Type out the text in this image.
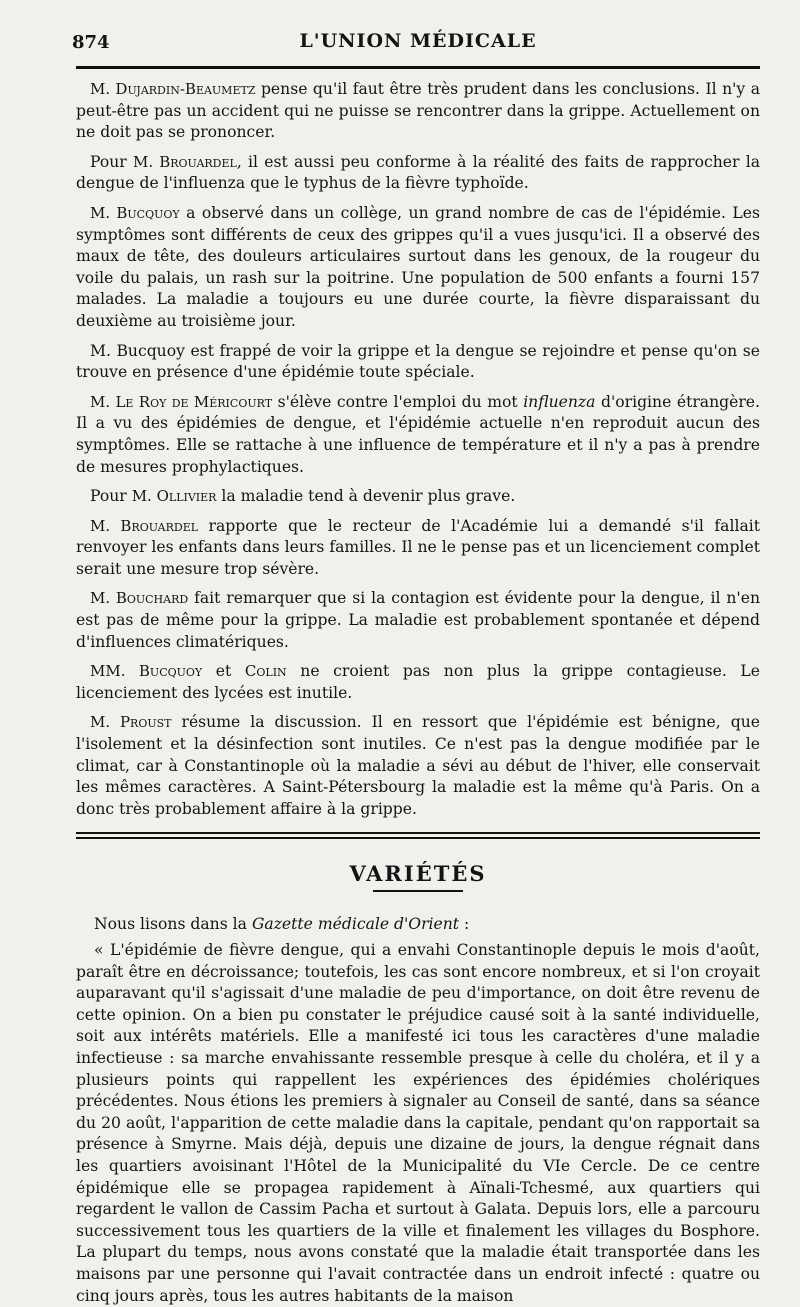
874	L'UNION MÉDICALE

M. Dujardin-Beaumetz pense qu'il faut être très prudent dans les conclusions. Il n'y a peut-être pas un accident qui ne puisse se rencontrer dans la grippe. Actuellement on ne doit pas se prononcer.

Pour M. Brouardel, il est aussi peu conforme à la réalité des faits de rapprocher la dengue de l'influenza que le typhus de la fièvre typhoïde.

M. Bucquoy a observé dans un collège, un grand nombre de cas de l'épidémie. Les symptômes sont différents de ceux des grippes qu'il a vues jusqu'ici. Il a observé des maux de tête, des douleurs articulaires surtout dans les genoux, de la rougeur du voile du palais, un rash sur la poitrine. Une population de 500 enfants a fourni 157 malades. La maladie a toujours eu une durée courte, la fièvre disparaissant du deuxième au troisième jour.

M. Bucquoy est frappé de voir la grippe et la dengue se rejoindre et pense qu'on se trouve en présence d'une épidémie toute spéciale.

M. Le Roy de Méricourt s'élève contre l'emploi du mot influenza d'origine étrangère. Il a vu des épidémies de dengue, et l'épidémie actuelle n'en reproduit aucun des symptômes. Elle se rattache à une influence de température et il n'y a pas à prendre de mesures prophylactiques.

Pour M. Ollivier la maladie tend à devenir plus grave.

M. Brouardel rapporte que le recteur de l'Académie lui a demandé s'il fallait renvoyer les enfants dans leurs familles. Il ne le pense pas et un licenciement complet serait une mesure trop sévère.

M. Bouchard fait remarquer que si la contagion est évidente pour la dengue, il n'en est pas de même pour la grippe. La maladie est probablement spontanée et dépend d'influences climatériques.

MM. Bucquoy et Colin ne croient pas non plus la grippe contagieuse. Le licenciement des lycées est inutile.

M. Proust résume la discussion. Il en ressort que l'épidémie est bénigne, que l'isolement et la désinfection sont inutiles. Ce n'est pas la dengue modifiée par le climat, car à Constantinople où la maladie a sévi au début de l'hiver, elle conservait les mêmes caractères. A Saint-Pétersbourg la maladie est la même qu'à Paris. On a donc très probablement affaire à la grippe.

VARIÉTÉS

Nous lisons dans la Gazette médicale d'Orient :

« L'épidémie de fièvre dengue, qui a envahi Constantinople depuis le mois d'août, paraît être en décroissance; toutefois, les cas sont encore nombreux, et si l'on croyait auparavant qu'il s'agissait d'une maladie de peu d'importance, on doit être revenu de cette opinion. On a bien pu constater le préjudice causé soit à la santé individuelle, soit aux intérêts matériels. Elle a manifesté ici tous les caractères d'une maladie infectieuse : sa marche envahissante ressemble presque à celle du choléra, et il y a plusieurs points qui rappellent les expériences des épidémies cholériques précédentes. Nous étions les premiers à signaler au Conseil de santé, dans sa séance du 20 août, l'apparition de cette maladie dans la capitale, pendant qu'on rapportait sa présence à Smyrne. Mais déjà, depuis une dizaine de jours, la dengue régnait dans les quartiers avoisinant l'Hôtel de la Municipalité du VIe Cercle. De ce centre épidémique elle se propagea rapidement à Aïnali-Tchesmé, aux quartiers qui regardent le vallon de Cassim Pacha et surtout à Galata. Depuis lors, elle a parcouru successivement tous les quartiers de la ville et finalement les villages du Bosphore. La plupart du temps, nous avons constaté que la maladie était transportée dans les maisons par une personne qui l'avait contractée dans un endroit infecté : quatre ou cinq jours après, tous les autres habitants de la maison
